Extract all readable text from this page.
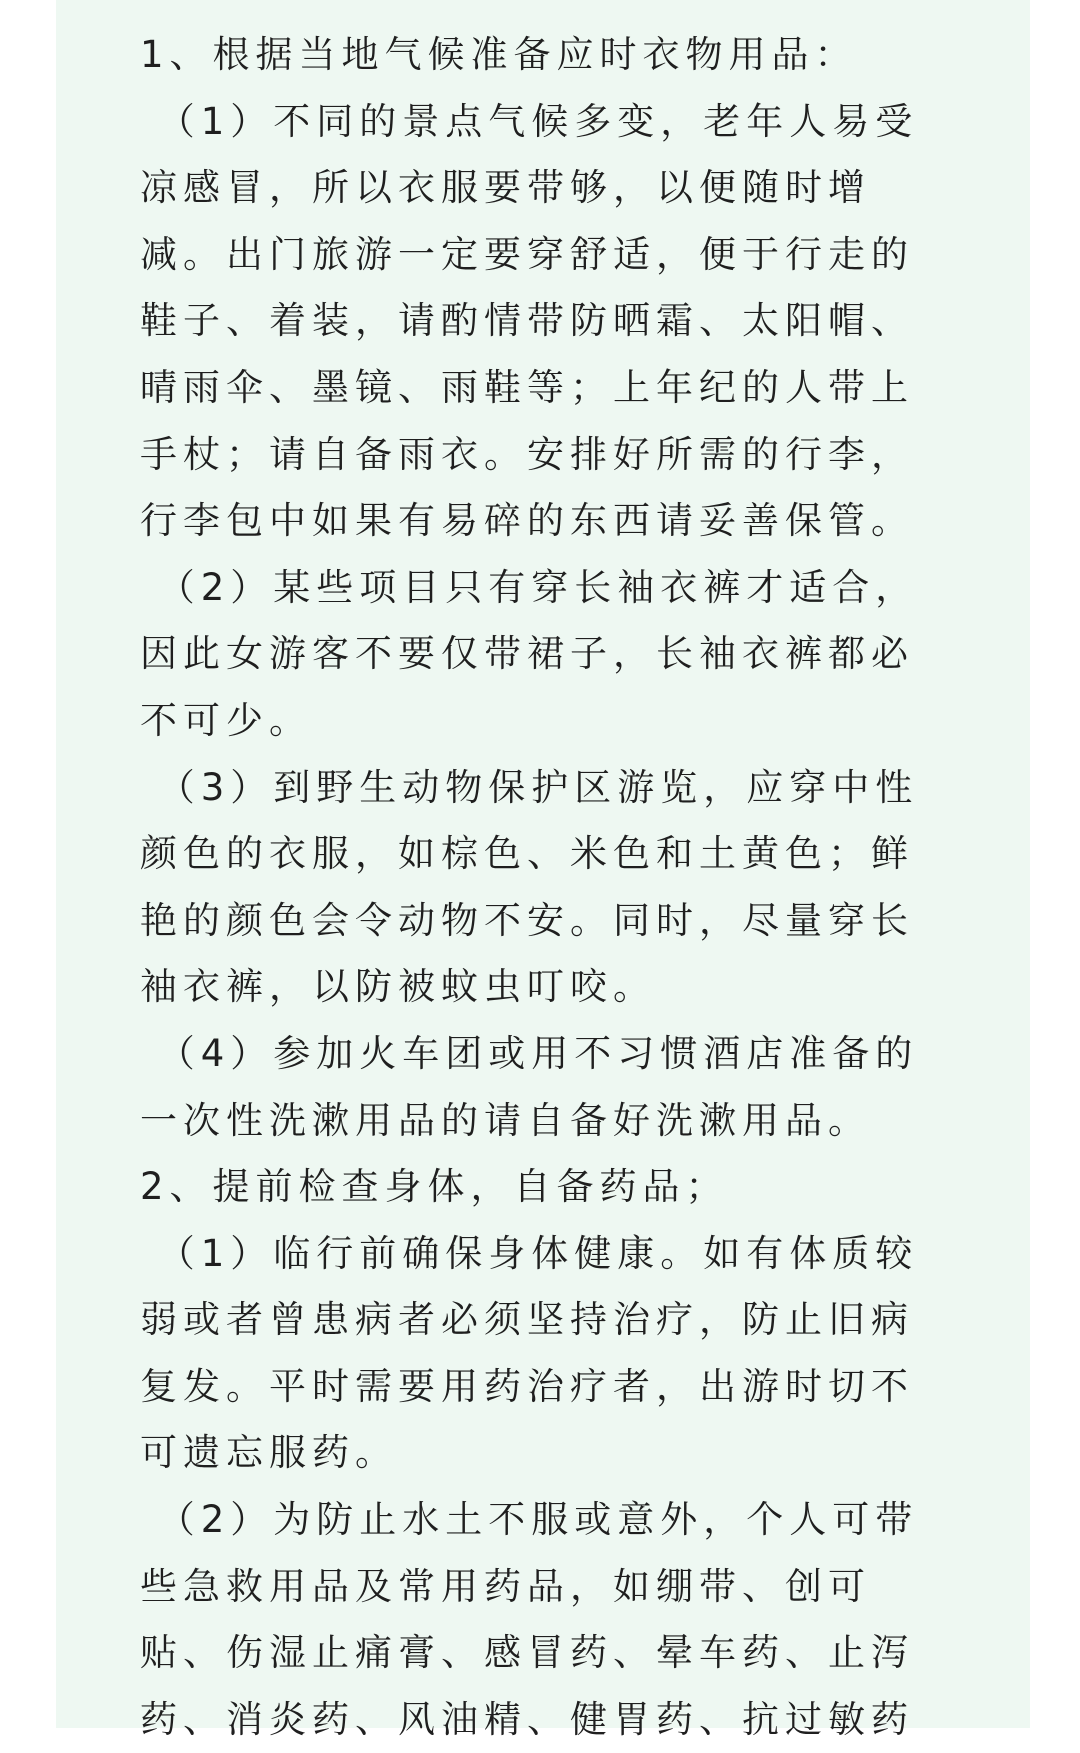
1、根据当地气候准备应时衣物用品：

（1）不同的景点气候多变，老年人易受凉感冒，所以衣服要带够，以便随时增减。出门旅游一定要穿舒适，便于行走的鞋子、着装，请酌情带防晒霜、太阳帽、晴雨伞、墨镜、雨鞋等；上年纪的人带上手杖；请自备雨衣。安排好所需的行李，行李包中如果有易碎的东西请妥善保管。

（2）某些项目只有穿长袖衣裤才适合，因此女游客不要仅带裙子，长袖衣裤都必不可少。

（3）到野生动物保护区游览，应穿中性颜色的衣服，如棕色、米色和土黄色；鲜艳的颜色会令动物不安。同时，尽量穿长袖衣裤，以防被蚊虫叮咬。

（4）参加火车团或用不习惯酒店准备的一次性洗漱用品的请自备好洗漱用品。

2、提前检查身体，自备药品；

（1）临行前确保身体健康。如有体质较弱或者曾患病者必须坚持治疗，防止旧病复发。平时需要用药治疗者，出游时切不可遗忘服药。

（2）为防止水土不服或意外，个人可带些急救用品及常用药品，如绷带、创可贴、伤湿止痛膏、感冒药、晕车药、止泻药、消炎药、风油精、健胃药、抗过敏药
